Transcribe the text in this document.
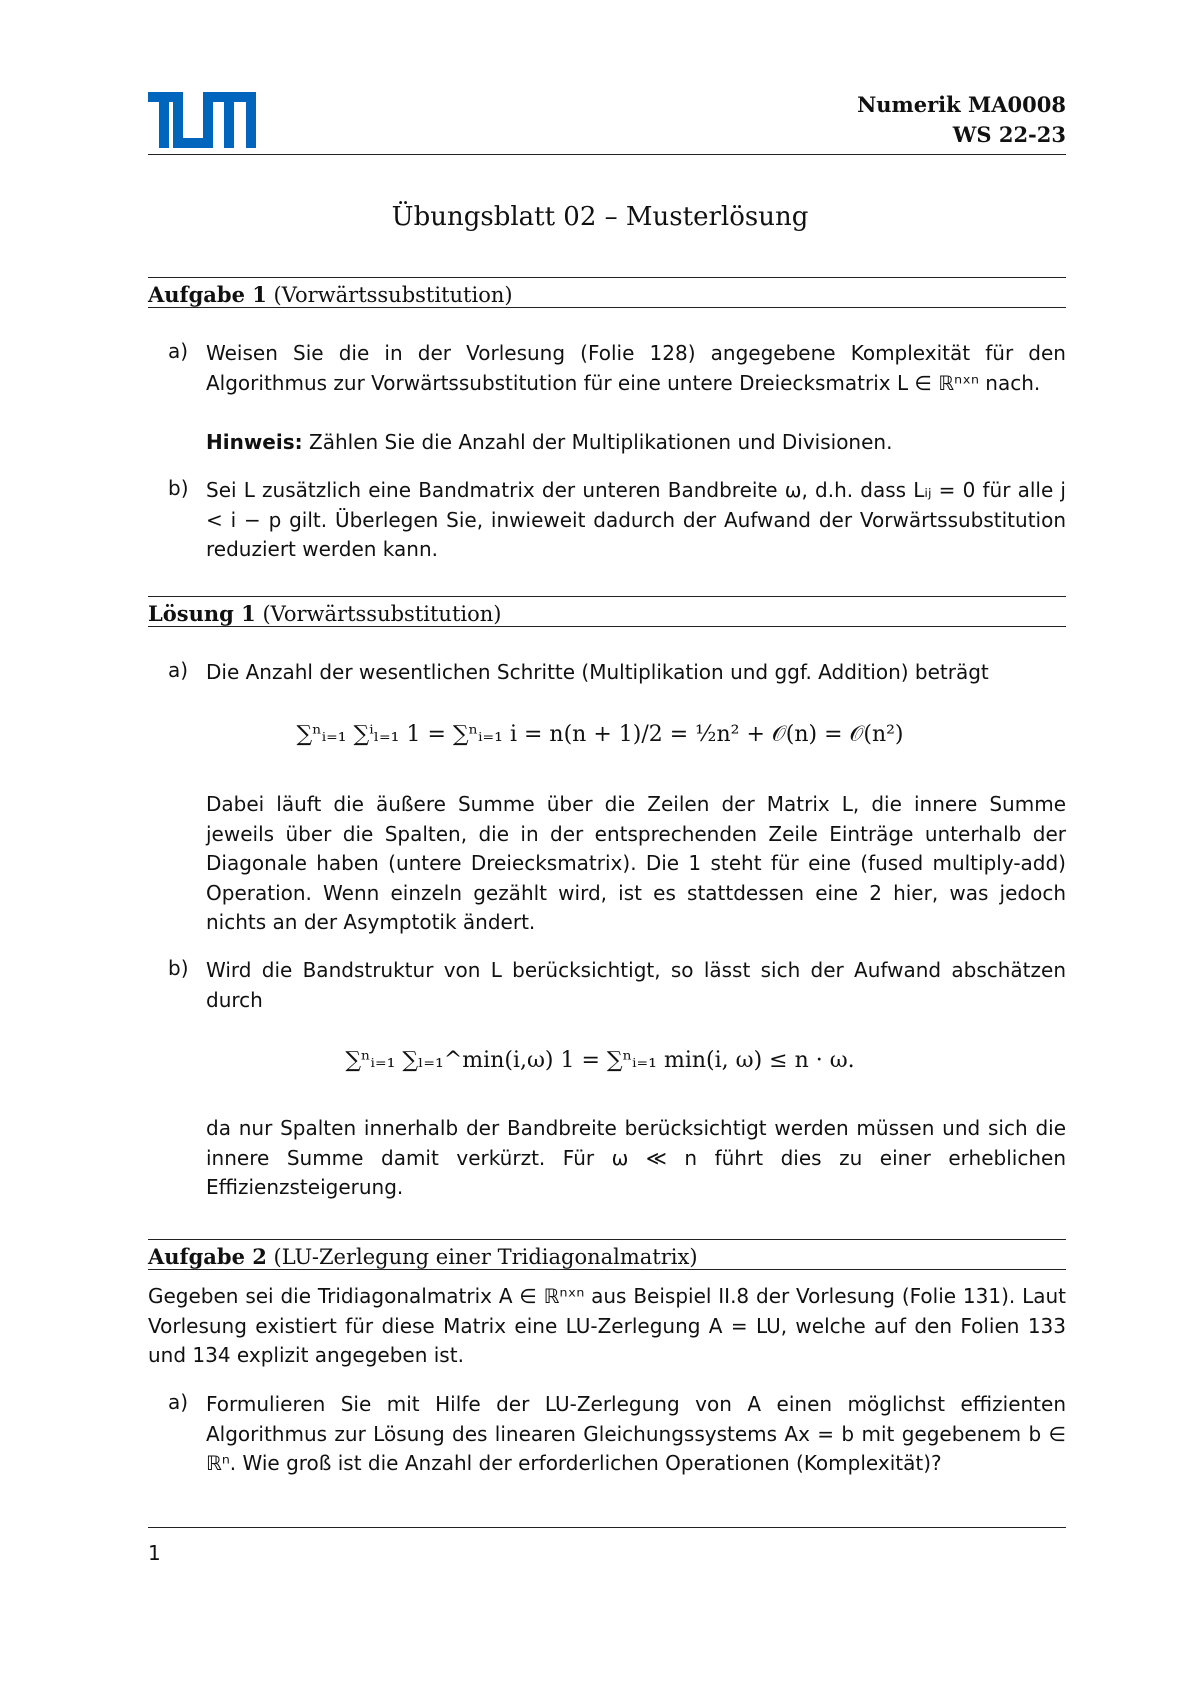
Numerik MA0008
WS 22-23
Übungsblatt 02 – Musterlösung
Aufgabe 1 (Vorwärtssubstitution)
a) Weisen Sie die in der Vorlesung (Folie 128) angegebene Komplexität für den Algorithmus zur Vorwärtssubstitution für eine untere Dreiecksmatrix L ∈ ℝⁿˣⁿ nach.
Hinweis: Zählen Sie die Anzahl der Multiplikationen und Divisionen.
b) Sei L zusätzlich eine Bandmatrix der unteren Bandbreite ω, d.h. dass Lᵢⱼ = 0 für alle j < i − p gilt. Überlegen Sie, inwieweit dadurch der Aufwand der Vorwärtssubstitution reduziert werden kann.
Lösung 1 (Vorwärtssubstitution)
a) Die Anzahl der wesentlichen Schritte (Multiplikation und ggf. Addition) beträgt
∑ⁿᵢ₌₁ ∑ⁱₗ₌₁ 1 = ∑ⁿᵢ₌₁ i = n(n + 1)/2 = ½n² + 𝒪(n) = 𝒪(n²)
Dabei läuft die äußere Summe über die Zeilen der Matrix L, die innere Summe jeweils über die Spalten, die in der entsprechenden Zeile Einträge unterhalb der Diagonale haben (untere Dreiecksmatrix). Die 1 steht für eine (fused multiply-add) Operation. Wenn einzeln gezählt wird, ist es stattdessen eine 2 hier, was jedoch nichts an der Asymptotik ändert.
b) Wird die Bandstruktur von L berücksichtigt, so lässt sich der Aufwand abschätzen durch
∑ⁿᵢ₌₁ ∑ₗ₌₁^min(i,ω) 1 = ∑ⁿᵢ₌₁ min(i, ω) ≤ n · ω.
da nur Spalten innerhalb der Bandbreite berücksichtigt werden müssen und sich die innere Summe damit verkürzt. Für ω ≪ n führt dies zu einer erheblichen Effizienzsteigerung.
Aufgabe 2 (LU-Zerlegung einer Tridiagonalmatrix)
Gegeben sei die Tridiagonalmatrix A ∈ ℝⁿˣⁿ aus Beispiel II.8 der Vorlesung (Folie 131). Laut Vorlesung existiert für diese Matrix eine LU-Zerlegung A = LU, welche auf den Folien 133 und 134 explizit angegeben ist.
a) Formulieren Sie mit Hilfe der LU-Zerlegung von A einen möglichst effizienten Algorithmus zur Lösung des linearen Gleichungssystems Ax = b mit gegebenem b ∈ ℝⁿ. Wie groß ist die Anzahl der erforderlichen Operationen (Komplexität)?
1
